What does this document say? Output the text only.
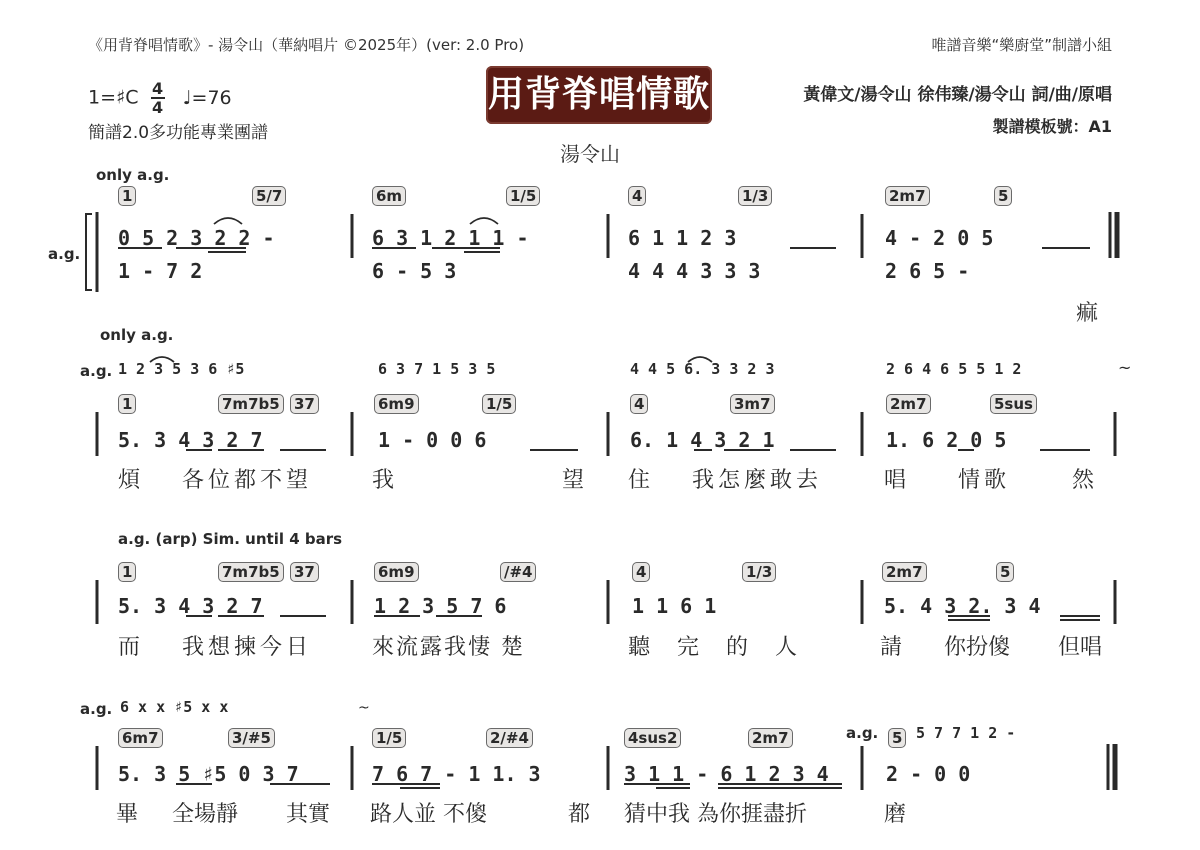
《用背脊唱情歌》- 湯令山（華納唱片 ©2025年）(ver: 2.0 Pro)	唯譜音樂“樂廚堂”制譜小組
1=♯C $\frac{4}{4}$ ♩=76
簡譜2.0多功能專業團譜
用背脊唱情歌
湯令山
黃偉文/湯令山 徐伟臻/湯令山 詞/曲/原唱
製譜模板號：A1
only a.g.
a.g.
1	5/7	6m	1/5	4	1/3	2m7	5
0 5 2 3 2 2 -	6 3 1 2 1 1 -	6 1 1 2 3	4 - 2 0 5
1 - 7 2	6 - 5 3	4 4 4 3 3 3	2 6 5 -
痲
only a.g.
a.g. 1 2 3 5 3 6 ♯5	6 3 7 1 5 3 5	4 4 5 6. 3 3 2 3	2 6 4 6 5 5 1 2	~
1	7m7b5 37	6m9	1/5	4	3m7	2m7	5sus
5. 3 4 3 2 7	1 - 0 0 6	6. 1 4 3 2 1	1. 6 2 0 5
煩 各位都不望	我	望 住 我怎麼敢去	唱 情歌	然
a.g. (arp) Sim. until 4 bars
1	7m7b5 37	6m9	/#4	4	1/3	2m7	5
5. 3 4 3 2 7	1 2 3 5 7 6	1 1 6 1	5. 4 3 2. 3 4
而 我想揀今日	來流露我悽 楚	聽 完 的 人	請 你扮傻 但唱
a.g. 6 x x ♯5 x x	~
a.g.	5 7 7 1 2 -
6m7	3/#5	1/5	2/#4	4sus2	2m7	5
5. 3 5 ♯5 0 3 7	7 6 7 - 1 1. 3	3 1 1 - 6 1 2 3 4	2 - 0 0
畢 全場靜 其實 路人並 不傻	都 猜中我 為你捱盡折	磨
